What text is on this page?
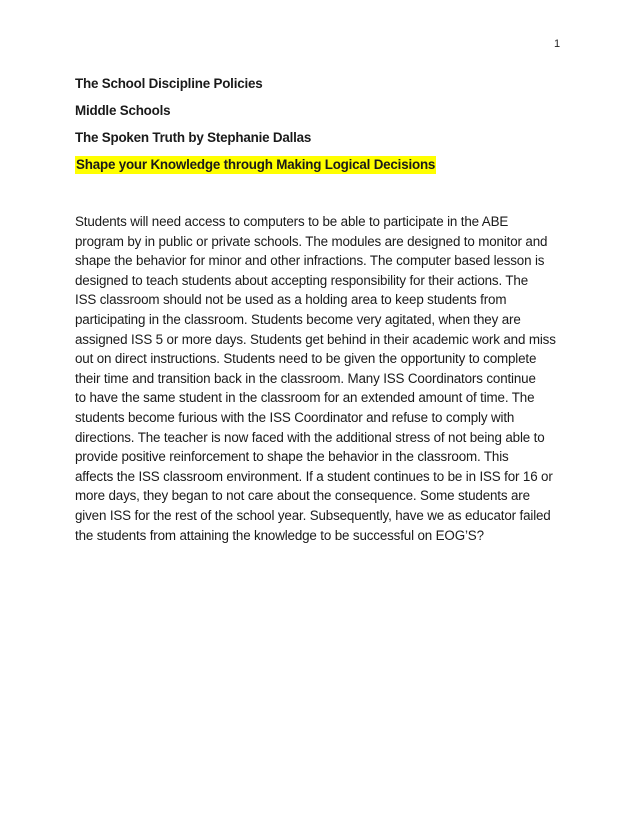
1
The School Discipline Policies
Middle Schools
The Spoken Truth by Stephanie Dallas
Shape your Knowledge through Making Logical Decisions
Students will need access to computers to be able to participate in the ABE
program by in public or private schools. The modules are designed to monitor and
shape the behavior for minor and other infractions. The computer based lesson is
designed to teach students about accepting responsibility for their actions. The
ISS classroom should not be used as a holding area to keep students from
participating in the classroom. Students become very agitated, when they are
assigned ISS 5 or more days. Students get behind in their academic work and miss
out on direct instructions. Students need to be given the opportunity to complete
their time and transition back in the classroom. Many ISS Coordinators continue
to have the same student in the classroom for an extended amount of time. The
students become furious with the ISS Coordinator and refuse to comply with
directions. The teacher is now faced with the additional stress of not being able to
provide positive reinforcement to shape the behavior in the classroom. This
affects the ISS classroom environment. If a student continues to be in ISS for 16 or
more days, they began to not care about the consequence. Some students are
given ISS for the rest of the school year. Subsequently, have we as educator failed
the students from attaining the knowledge to be successful on EOG’S?
